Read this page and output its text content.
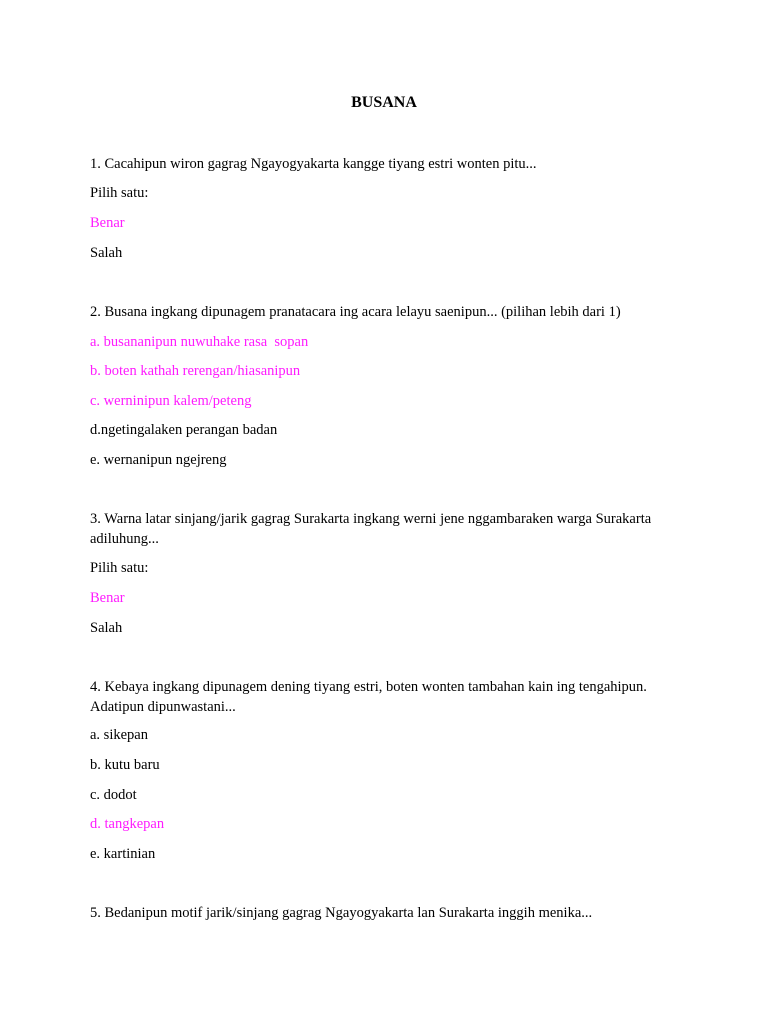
BUSANA
1. Cacahipun wiron gagrag Ngayogyakarta kangge tiyang estri wonten pitu...
Pilih satu:
Benar
Salah
2. Busana ingkang dipunagem pranatacara ing acara lelayu saenipun... (pilihan lebih dari 1)
a. busananipun nuwuhake rasa  sopan
b. boten kathah rerengan/hiasanipun
c. werninipun kalem/peteng
d.ngetingalaken perangan badan
e. wernanipun ngejreng
3. Warna latar sinjang/jarik gagrag Surakarta ingkang werni jene nggambaraken warga Surakarta
adiluhung...
Pilih satu:
Benar
Salah
4. Kebaya ingkang dipunagem dening tiyang estri, boten wonten tambahan kain ing tengahipun.
Adatipun dipunwastani...
a. sikepan
b. kutu baru
c. dodot
d. tangkepan
e. kartinian
5. Bedanipun motif jarik/sinjang gagrag Ngayogyakarta lan Surakarta inggih menika...
